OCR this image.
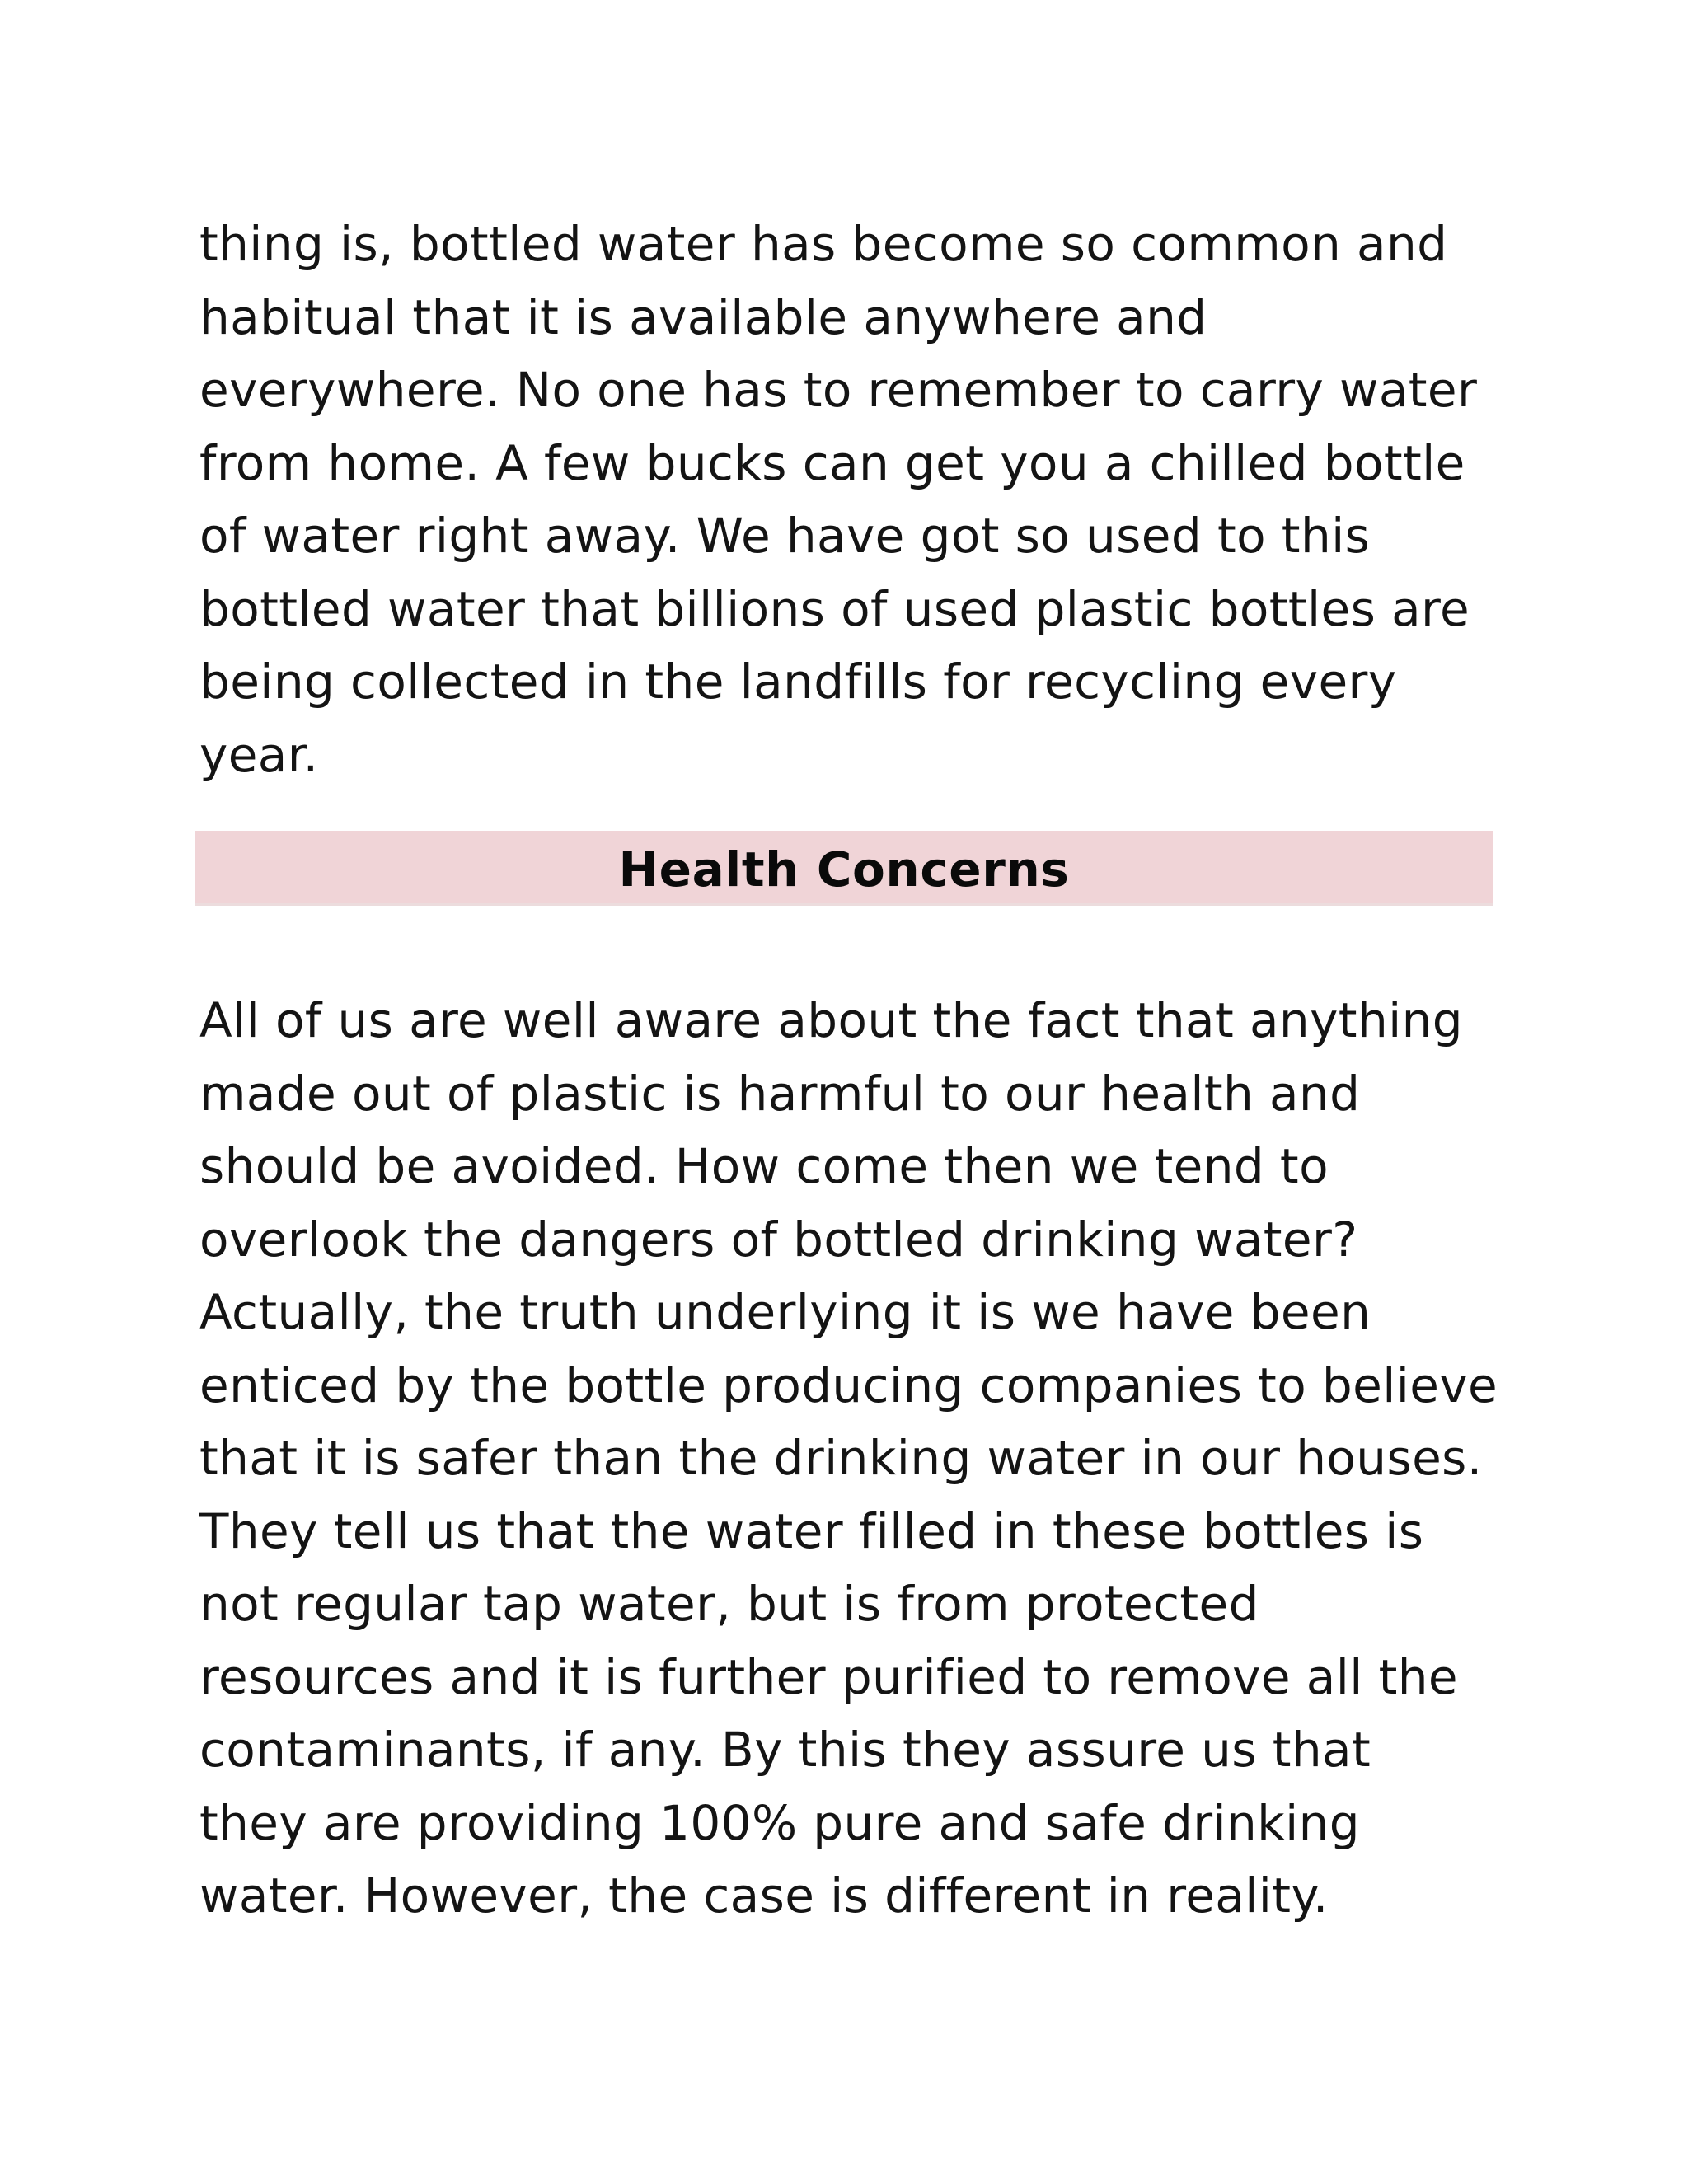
thing is, bottled water has become so common and
habitual that it is available anywhere and
everywhere. No one has to remember to carry water
from home. A few bucks can get you a chilled bottle
of water right away. We have got so used to this
bottled water that billions of used plastic bottles are
being collected in the landfills for recycling every
year.

Health Concerns

All of us are well aware about the fact that anything
made out of plastic is harmful to our health and
should be avoided. How come then we tend to
overlook the dangers of bottled drinking water?
Actually, the truth underlying it is we have been
enticed by the bottle producing companies to believe
that it is safer than the drinking water in our houses.
They tell us that the water filled in these bottles is
not regular tap water, but is from protected
resources and it is further purified to remove all the
contaminants, if any. By this they assure us that
they are providing 100% pure and safe drinking
water. However, the case is different in reality.
